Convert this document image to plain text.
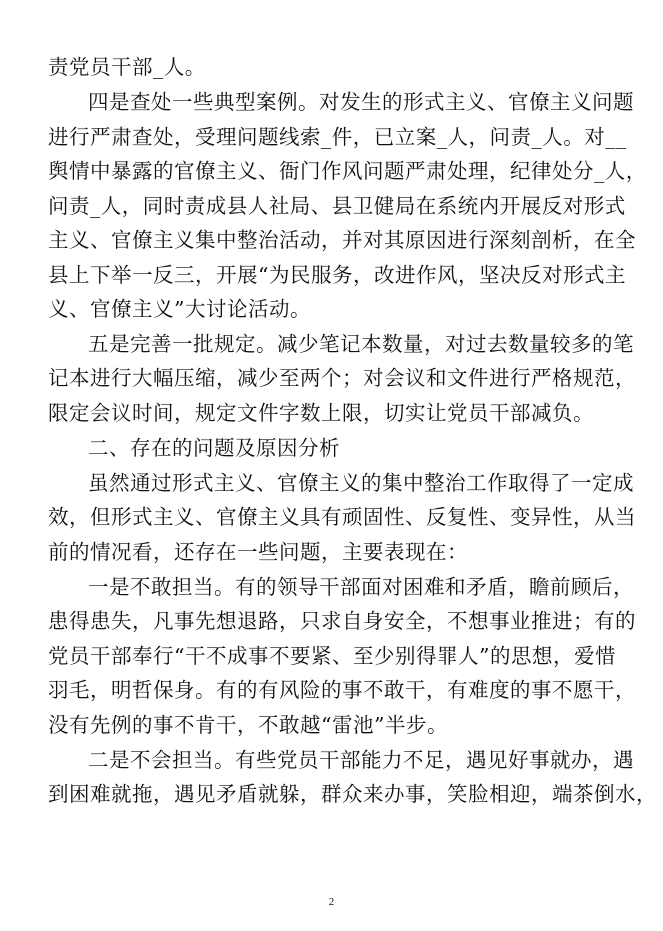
责党员干部_人。
四是查处一些典型案例。对发生的形式主义、官僚主义问题
进行严肃查处，受理问题线索_件，已立案_人，问责_人。对__
舆情中暴露的官僚主义、衙门作风问题严肃处理，纪律处分_人，
问责_人，同时责成县人社局、县卫健局在系统内开展反对形式
主义、官僚主义集中整治活动，并对其原因进行深刻剖析，在全
县上下举一反三，开展“为民服务，改进作风，坚决反对形式主
义、官僚主义”大讨论活动。
五是完善一批规定。减少笔记本数量，对过去数量较多的笔
记本进行大幅压缩，减少至两个；对会议和文件进行严格规范，
限定会议时间，规定文件字数上限，切实让党员干部减负。
二、存在的问题及原因分析
虽然通过形式主义、官僚主义的集中整治工作取得了一定成
效，但形式主义、官僚主义具有顽固性、反复性、变异性，从当
前的情况看，还存在一些问题，主要表现在：
一是不敢担当。有的领导干部面对困难和矛盾，瞻前顾后，
患得患失，凡事先想退路，只求自身安全，不想事业推进；有的
党员干部奉行“干不成事不要紧、至少别得罪人”的思想，爱惜
羽毛，明哲保身。有的有风险的事不敢干，有难度的事不愿干，
没有先例的事不肯干，不敢越“雷池”半步。
二是不会担当。有些党员干部能力不足，遇见好事就办，遇
到困难就拖，遇见矛盾就躲，群众来办事，笑脸相迎，端茶倒水，
2
